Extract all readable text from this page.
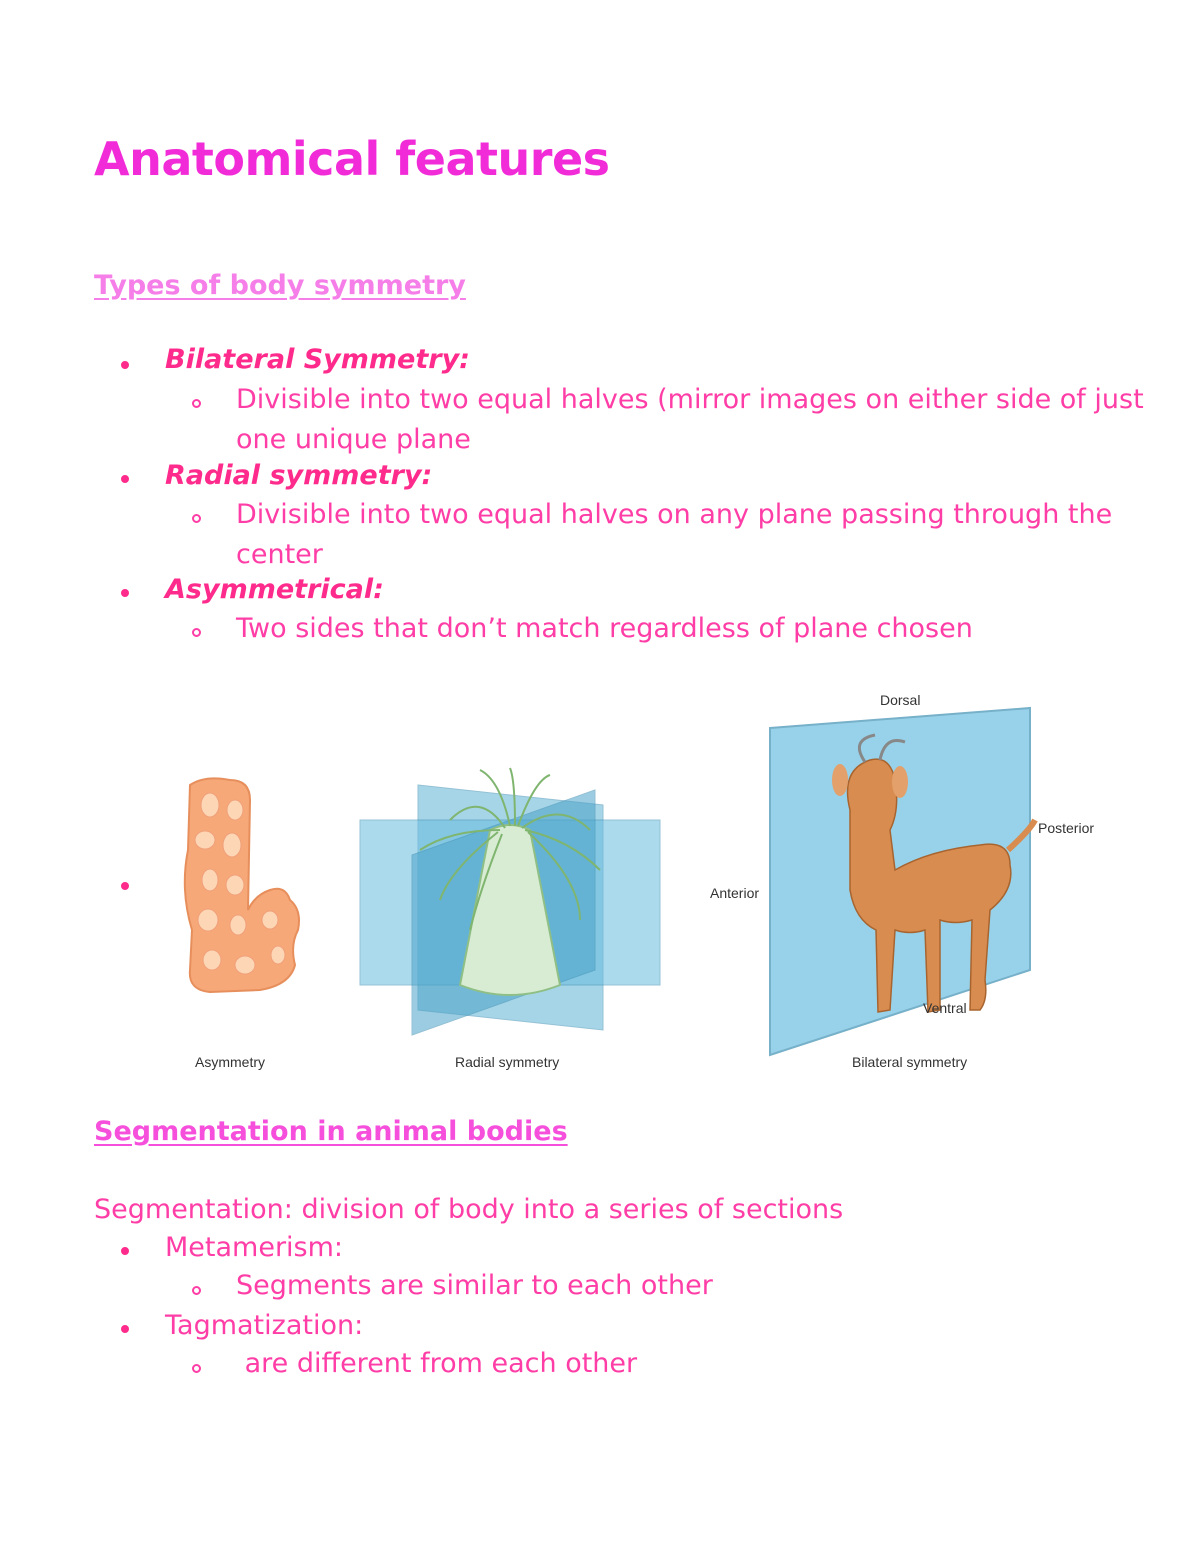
Anatomical features
Types of body symmetry

Bilateral Symmetry:

Divisible into two equal halves (mirror images on either side of just

one unique plane

Radial symmetry:

Divisible into two equal halves on any plane passing through the

center

Asymmetrical:

Two sides that don’t match regardless of plane chosen

Dorsal
Posterior
Anterior
Ventral
Asymmetry	Radial symmetry	Bilateral symmetry
Segmentation in animal bodies

Segmentation: division of body into a series of sections

Metamerism:

Segments are similar to each other

Tagmatization:

are different from each other
